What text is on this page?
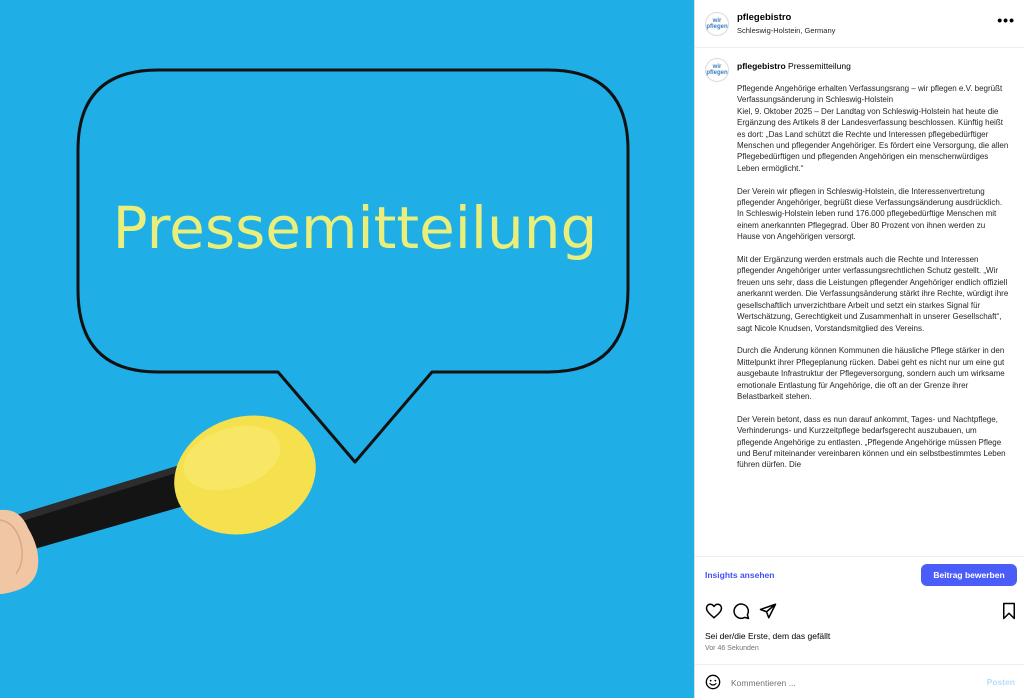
Pressemitteilung
wir pflegen
pflegebistro
Schleswig-Holstein, Germany
•••
wir pflegen
pflegebistro Pressemitteilung

Pflegende Angehörige erhalten Verfassungsrang – wir pflegen e.V. begrüßt Verfassungsänderung in Schleswig-Holstein
Kiel, 9. Oktober 2025 – Der Landtag von Schleswig-Holstein hat heute die Ergänzung des Artikels 8 der Landesverfassung beschlossen. Künftig heißt es dort: „Das Land schützt die Rechte und Interessen pflegebedürftiger Menschen und pflegender Angehöriger. Es fördert eine Versorgung, die allen Pflegebedürftigen und pflegenden Angehörigen ein menschenwürdiges Leben ermöglicht.“

Der Verein wir pflegen in Schleswig-Holstein, die Interessenvertretung pflegender Angehöriger, begrüßt diese Verfassungsänderung ausdrücklich. In Schleswig-Holstein leben rund 176.000 pflegebedürftige Menschen mit einem anerkannten Pflegegrad. Über 80 Prozent von ihnen werden zu Hause von Angehörigen versorgt.

Mit der Ergänzung werden erstmals auch die Rechte und Interessen pflegender Angehöriger unter verfassungsrechtlichen Schutz gestellt. „Wir freuen uns sehr, dass die Leistungen pflegender Angehöriger endlich offiziell anerkannt werden. Die Verfassungsänderung stärkt ihre Rechte, würdigt ihre gesellschaftlich unverzichtbare Arbeit und setzt ein starkes Signal für Wertschätzung, Gerechtigkeit und Zusammenhalt in unserer Gesellschaft“, sagt Nicole Knudsen, Vorstandsmitglied des Vereins.

Durch die Änderung können Kommunen die häusliche Pflege stärker in den Mittelpunkt ihrer Pflegeplanung rücken. Dabei geht es nicht nur um eine gut ausgebaute Infrastruktur der Pflegeversorgung, sondern auch um wirksame emotionale Entlastung für Angehörige, die oft an der Grenze ihrer Belastbarkeit stehen.

Der Verein betont, dass es nun darauf ankommt, Tages- und Nachtpflege, Verhinderungs- und Kurzzeitpflege bedarfsgerecht auszubauen, um pflegende Angehörige zu entlasten. „Pflegende Angehörige müssen Pflege und Beruf miteinander vereinbaren können und ein selbstbestimmtes Leben führen dürfen. Die

Insights ansehen	Beitrag bewerben
Sei der/die Erste, dem das gefällt
Vor 46 Sekunden
Kommentieren ...
Posten
